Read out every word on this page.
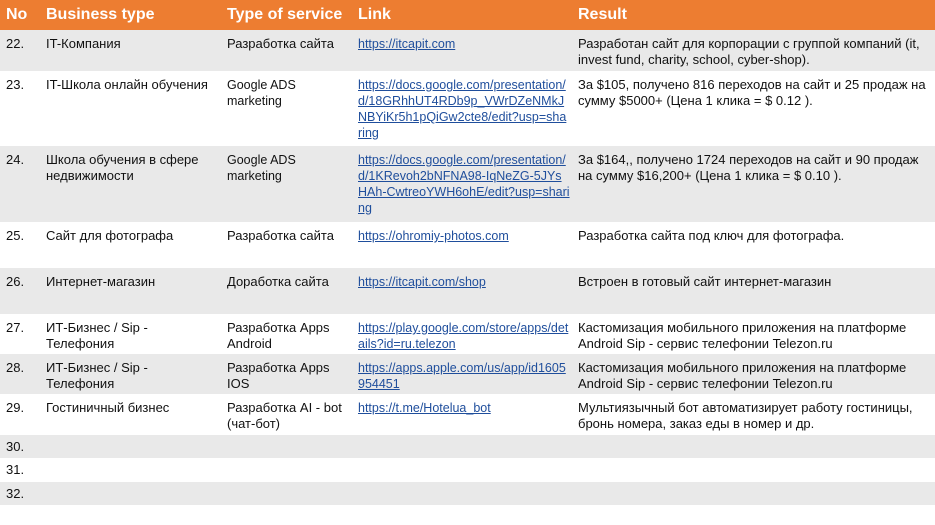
No	Business type	Type of service	Link	Result
22.	IT-Компания	Разработка сайта	https://itcapit.com	Разработан сайт для корпорации с группой компаний (it, invest fund, charity, school, cyber-shop).
23.	IT-Школа онлайн обучения	Google ADS marketing	https://docs.google.com/presentation/d/18GRhhUT4RDb9p_VWrDZeNMkJNBYiKr5h1pQiGw2cte8/edit?usp=sharing	За $105, получено 816 переходов на сайт и 25 продаж на сумму $5000+ (Цена 1 клика = $ 0.12 ).
24.	Школа обучения в сфере недвижимости	Google ADS marketing	https://docs.google.com/presentation/d/1KRevoh2bNFNA98-IqNeZG-5JYsHAh-CwtreoYWH6ohE/edit?usp=sharing	За $164,, получено 1724 переходов на сайт и 90 продаж на сумму $16,200+ (Цена 1 клика = $ 0.10 ).
25.	Сайт для фотографа	Разработка сайта	https://ohromiy-photos.com	Разработка сайта под ключ для фотографа.
26.	Интернет-магазин	Доработка сайта	https://itcapit.com/shop	Встроен в готовый сайт интернет-магазин
27.	ИТ-Бизнес / Sip - Телефония	Разработка Apps Android	https://play.google.com/store/apps/details?id=ru.telezon	Кастомизация мобильного приложения на платформе Android Sip - сервис телефонии Telezon.ru
28.	ИТ-Бизнес / Sip - Телефония	Разработка Apps IOS	https://apps.apple.com/us/app/id1605954451	Кастомизация мобильного приложения на платформе Android Sip - сервис телефонии Telezon.ru
29.	Гостиничный бизнес	Разработка AI - bot (чат-бот)	https://t.me/Hotelua_bot	Мультиязычный бот автоматизирует работу гостиницы, бронь номера, заказ еды в номер и др.
30.				
31.				
32.				
